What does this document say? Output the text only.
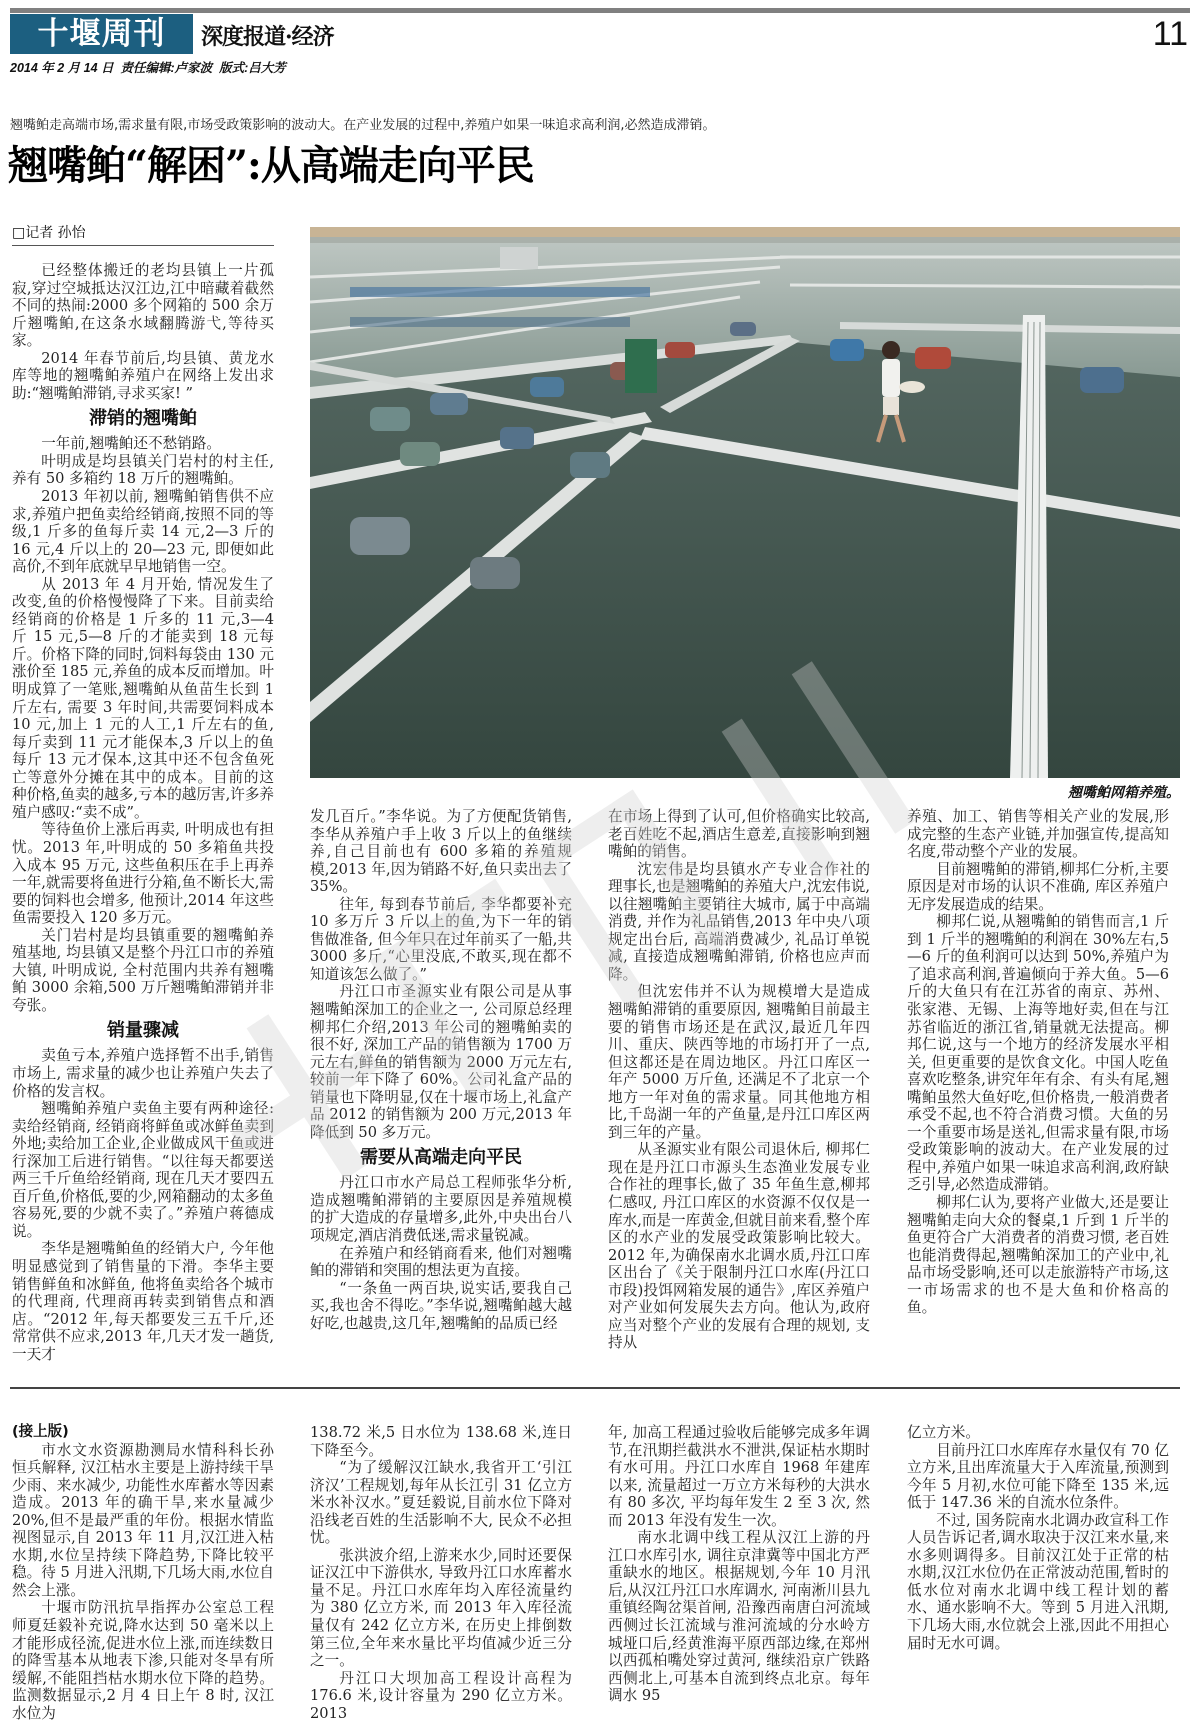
十堰周刊	深度报道·经济	11
2014 年 2 月 14 日  责任编辑:卢家波  版式:吕大芳
翘嘴鲌走高端市场,需求量有限,市场受政策影响的波动大。在产业发展的过程中,养殖户如果一味追求高利润,必然造成滞销。
翘嘴鲌“解困”:从高端走向平民
□记者 孙怡
翘嘴鲌网箱养殖。

已经整体搬迁的老均县镇上一片孤寂,穿过空城抵达汉江边,江中暗藏着截然不同的热闹:2000 多个网箱的 500 余万斤翘嘴鲌,在这条水域翻腾游弋,等待买家。

2014 年春节前后,均县镇、黄龙水库等地的翘嘴鲌养殖户在网络上发出求助:“翘嘴鲌滞销,寻求买家! ”

滞销的翘嘴鲌

一年前,翘嘴鲌还不愁销路。

叶明成是均县镇关门岩村的村主任,养有 50 多箱约 18 万斤的翘嘴鲌。

2013 年初以前, 翘嘴鲌销售供不应求,养殖户把鱼卖给经销商,按照不同的等级,1 斤多的鱼每斤卖 14 元,2—3 斤的 16 元,4 斤以上的 20—23 元, 即便如此高价,不到年底就早早地销售一空。

从 2013 年 4 月开始, 情况发生了改变,鱼的价格慢慢降了下来。目前卖给经销商的价格是 1 斤多的 11 元,3—4 斤 15 元,5—8 斤的才能卖到 18 元每斤。价格下降的同时,饲料每袋由 130 元涨价至 185 元,养鱼的成本反而增加。叶明成算了一笔账,翘嘴鲌从鱼苗生长到 1 斤左右, 需要 3 年时间,共需要饲料成本 10 元,加上 1 元的人工,1 斤左右的鱼, 每斤卖到 11 元才能保本,3 斤以上的鱼每斤 13 元才保本,这其中还不包含鱼死亡等意外分摊在其中的成本。目前的这种价格,鱼卖的越多,亏本的越厉害,许多养殖户感叹:“卖不成”。

等待鱼价上涨后再卖, 叶明成也有担忧。2013 年,叶明成的 50 多箱鱼共投入成本 95 万元, 这些鱼积压在手上再养一年,就需要将鱼进行分箱,鱼不断长大,需要的饲料也会增多, 他预计,2014 年这些鱼需要投入 120 多万元。

关门岩村是均县镇重要的翘嘴鲌养殖基地, 均县镇又是整个丹江口市的养殖大镇, 叶明成说, 全村范围内共养有翘嘴鲌 3000 余箱,500 万斤翘嘴鲌滞销并非夸张。

销量骤减

卖鱼亏本,养殖户选择暂不出手,销售市场上, 需求量的减少也让养殖户失去了价格的发言权。

翘嘴鲌养殖户卖鱼主要有两种途径:卖给经销商, 经销商将鲜鱼或冰鲜鱼卖到外地;卖给加工企业,企业做成风干鱼或进行深加工后进行销售。“以往每天都要送两三千斤鱼给经销商, 现在几天才要四五百斤鱼,价格低,要的少,网箱翻动的太多鱼容易死,要的少就不卖了。”养殖户蒋德成说。

李华是翘嘴鲌鱼的经销大户, 今年他明显感觉到了销售量的下滑。李华主要销售鲜鱼和冰鲜鱼, 他将鱼卖给各个城市的代理商, 代理商再转卖到销售点和酒店。“2012 年,每天都要发三五千斤,还常常供不应求,2013 年,几天才发一趟货,一天才

发几百斤。”李华说。为了方便配货销售,李华从养殖户手上收 3 斤以上的鱼继续养,自己目前也有 600 多箱的养殖规模,2013 年,因为销路不好,鱼只卖出去了 35%。

往年, 每到春节前后, 李华都要补充 10 多万斤 3 斤以上的鱼,为下一年的销售做准备, 但今年只在过年前买了一船,共 3000 多斤,“心里没底,不敢买,现在都不知道该怎么做了。”

丹江口市圣源实业有限公司是从事翘嘴鲌深加工的企业之一, 公司原总经理柳邦仁介绍,2013 年公司的翘嘴鲌卖的很不好, 深加工产品的销售额为 1700 万元左右,鲜鱼的销售额为 2000 万元左右,较前一年下降了 60%。公司礼盒产品的销量也下降明显,仅在十堰市场上,礼盒产品 2012 的销售额为 200 万元,2013 年降低到 50 多万元。

需要从高端走向平民

丹江口市水产局总工程师张华分析,造成翘嘴鲌滞销的主要原因是养殖规模的扩大造成的存量增多,此外,中央出台八项规定,酒店消费低迷,需求量锐减。

在养殖户和经销商看来, 他们对翘嘴鲌的滞销和突围的想法更为直接。

“一条鱼一两百块,说实话,要我自己买,我也舍不得吃。”李华说,翘嘴鲌越大越好吃,也越贵,这几年,翘嘴鲌的品质已经

在市场上得到了认可,但价格确实比较高,老百姓吃不起,酒店生意差,直接影响到翘嘴鲌的销售。

沈宏伟是均县镇水产专业合作社的理事长,也是翘嘴鲌的养殖大户,沈宏伟说,以往翘嘴鲌主要销往大城市, 属于中高端消费, 并作为礼品销售,2013 年中央八项规定出台后, 高端消费减少, 礼品订单锐减, 直接造成翘嘴鲌滞销, 价格也应声而降。

但沈宏伟并不认为规模增大是造成翘嘴鲌滞销的重要原因, 翘嘴鲌目前最主要的销售市场还是在武汉,最近几年四川、重庆、陕西等地的市场打开了一点,但这都还是在周边地区。丹江口库区一年产 5000 万斤鱼, 还满足不了北京一个地方一年对鱼的需求量。同其他地方相比,千岛湖一年的产鱼量,是丹江口库区两到三年的产量。

从圣源实业有限公司退休后, 柳邦仁现在是丹江口市源头生态渔业发展专业合作社的理事长,做了 35 年鱼生意,柳邦仁感叹, 丹江口库区的水资源不仅仅是一库水,而是一库黄金,但就目前来看,整个库区的水产业的发展受政策影响比较大。2012 年,为确保南水北调水质,丹江口库区出台了《关于限制丹江口水库(丹江口市段)投饵网箱发展的通告》,库区养殖户对产业如何发展失去方向。他认为,政府应当对整个产业的发展有合理的规划, 支持从

养殖、加工、销售等相关产业的发展,形成完整的生态产业链,并加强宣传,提高知名度,带动整个产业的发展。

目前翘嘴鲌的滞销,柳邦仁分析,主要原因是对市场的认识不准确, 库区养殖户无序发展造成的结果。

柳邦仁说,从翘嘴鲌的销售而言,1 斤到 1 斤半的翘嘴鲌的利润在 30%左右,5—6 斤的鱼利润可以达到 50%,养殖户为了追求高利润,普遍倾向于养大鱼。5—6 斤的大鱼只有在江苏省的南京、苏州、张家港、无锡、上海等地好卖,但在与江苏省临近的浙江省,销量就无法提高。柳邦仁说,这与一个地方的经济发展水平相关, 但更重要的是饮食文化。中国人吃鱼喜欢吃整条,讲究年年有余、有头有尾,翘嘴鲌虽然大鱼好吃,但价格贵,一般消费者承受不起,也不符合消费习惯。大鱼的另一个重要市场是送礼,但需求量有限,市场受政策影响的波动大。在产业发展的过程中,养殖户如果一味追求高利润,政府缺乏引导,必然造成滞销。

柳邦仁认为,要将产业做大,还是要让翘嘴鲌走向大众的餐桌,1 斤到 1 斤半的鱼更符合广大消费者的消费习惯, 老百姓也能消费得起,翘嘴鲌深加工的产业中,礼品市场受影响,还可以走旅游特产市场,这一市场需求的也不是大鱼和价格高的鱼。

(接上版)

市水文水资源勘测局水情科科长孙恒兵解释, 汉江枯水主要是上游持续干旱少雨、来水减少, 功能性水库蓄水等因素造成。2013 年的确干旱,来水量减少 20%,但不是最严重的年份。根据水情监视图显示,自 2013 年 11 月,汉江进入枯水期,水位呈持续下降趋势,下降比较平稳。待 5 月进入汛期,下几场大雨,水位自然会上涨。

十堰市防汛抗旱指挥办公室总工程师夏廷毅补充说,降水达到 50 毫米以上才能形成径流,促进水位上涨,而连续数日的降雪基本从地表下渗,只能对冬旱有所缓解,不能阻挡枯水期水位下降的趋势。监测数据显示,2 月 4 日上午 8 时, 汉江水位为

138.72 米,5 日水位为 138.68 米,连日下降至今。

“为了缓解汉江缺水,我省开工‘引江济汉’工程规划,每年从长江引 31 亿立方米水补汉水。”夏廷毅说,目前水位下降对沿线老百姓的生活影响不大, 民众不必担忧。

张洪波介绍,上游来水少,同时还要保证汉江中下游供水, 导致丹江口水库蓄水量不足。丹江口水库年均入库径流量约为 380 亿立方米, 而 2013 年入库径流量仅有 242 亿立方米, 在历史上排倒数第三位,全年来水量比平均值减少近三分之一。

丹江口大坝加高工程设计高程为 176.6 米,设计容量为 290 亿立方米。2013

年, 加高工程通过验收后能够完成多年调节,在汛期拦截洪水不泄洪,保证枯水期时有水可用。丹江口水库自 1968 年建库以来, 流量超过一万立方米每秒的大洪水有 80 多次, 平均每年发生 2 至 3 次, 然而 2013 年没有发生一次。

南水北调中线工程从汉江上游的丹江口水库引水, 调往京津冀等中国北方严重缺水的地区。根据规划,今年 10 月汛后,从汉江丹江口水库调水, 河南淅川县九重镇经陶岔渠首闸, 沿豫西南唐白河流域西侧过长江流域与淮河流域的分水岭方城垭口后,经黄淮海平原西部边缘,在郑州以西孤柏嘴处穿过黄河, 继续沿京广铁路西侧北上,可基本自流到终点北京。每年调水 95

亿立方米。

目前丹江口水库库存水量仅有 70 亿立方米,且出库流量大于入库流量,预测到今年 5 月初,水位可能下降至 135 米,远低于 147.36 米的自流水位条件。

不过, 国务院南水北调办政宣科工作人员告诉记者,调水取决于汉江来水量,来水多则调得多。目前汉江处于正常的枯水期,汉江水位仍在正常波动范围,暂时的低水位对南水北调中线工程计划的蓄水、通水影响不大。等到 5 月进入汛期,下几场大雨,水位就会上涨,因此不用担心届时无水可调。
